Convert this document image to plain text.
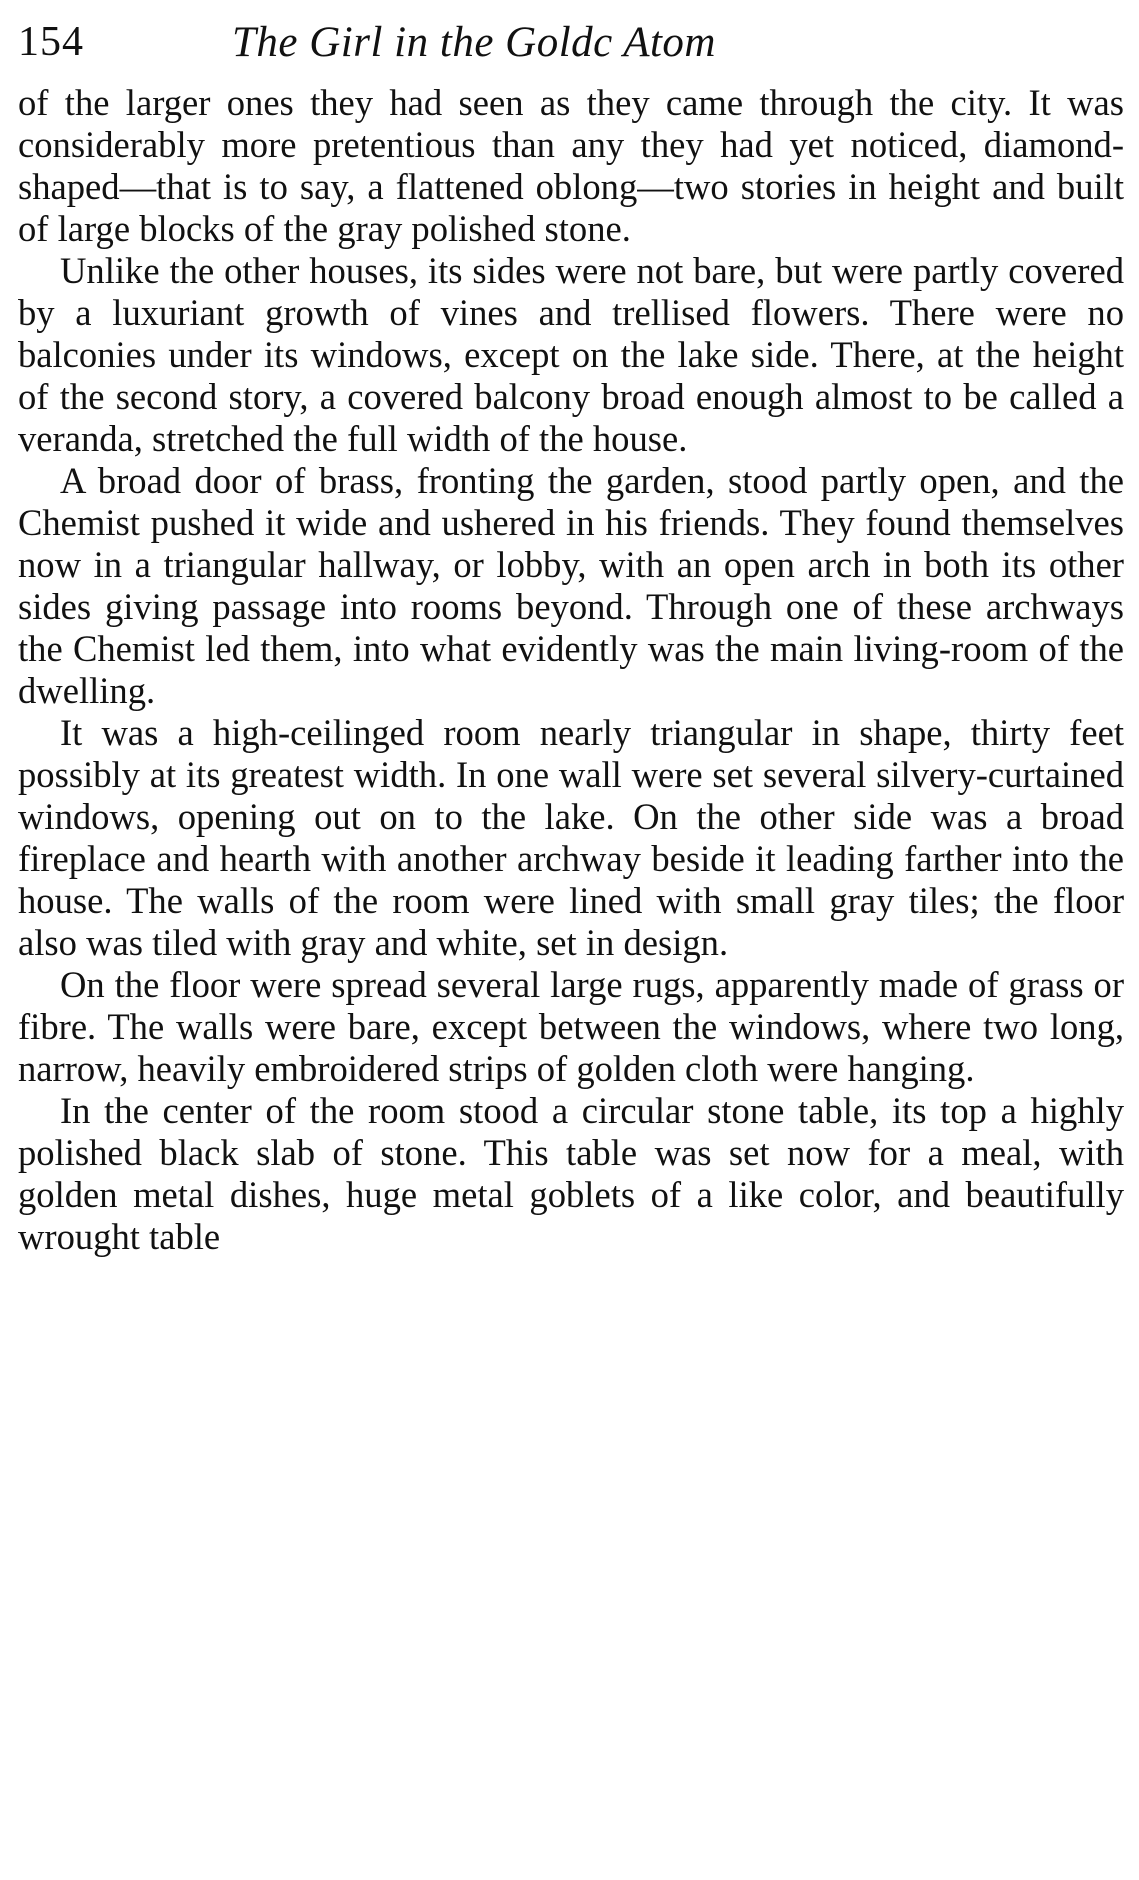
154	The Girl in the Goldc Atom

of the larger ones they had seen as they came through the city. It was considerably more pretentious than any they had yet noticed, diamond-shaped—that is to say, a flattened oblong—two stories in height and built of large blocks of the gray polished stone.

Unlike the other houses, its sides were not bare, but were partly covered by a luxuriant growth of vines and trellised flowers. There were no balconies under its windows, except on the lake side. There, at the height of the second story, a covered balcony broad enough almost to be called a veranda, stretched the full width of the house.

A broad door of brass, fronting the garden, stood partly open, and the Chemist pushed it wide and ushered in his friends. They found themselves now in a triangular hallway, or lobby, with an open arch in both its other sides giving passage into rooms beyond. Through one of these archways the Chemist led them, into what evidently was the main living-room of the dwelling.

It was a high-ceilinged room nearly triangular in shape, thirty feet possibly at its greatest width. In one wall were set several silvery-curtained windows, opening out on to the lake. On the other side was a broad fireplace and hearth with another archway beside it leading farther into the house. The walls of the room were lined with small gray tiles; the floor also was tiled with gray and white, set in design.

On the floor were spread several large rugs, apparently made of grass or fibre. The walls were bare, except between the windows, where two long, narrow, heavily embroidered strips of golden cloth were hanging.

In the center of the room stood a circular stone table, its top a highly polished black slab of stone. This table was set now for a meal, with golden metal dishes, huge metal goblets of a like color, and beautifully wrought table
